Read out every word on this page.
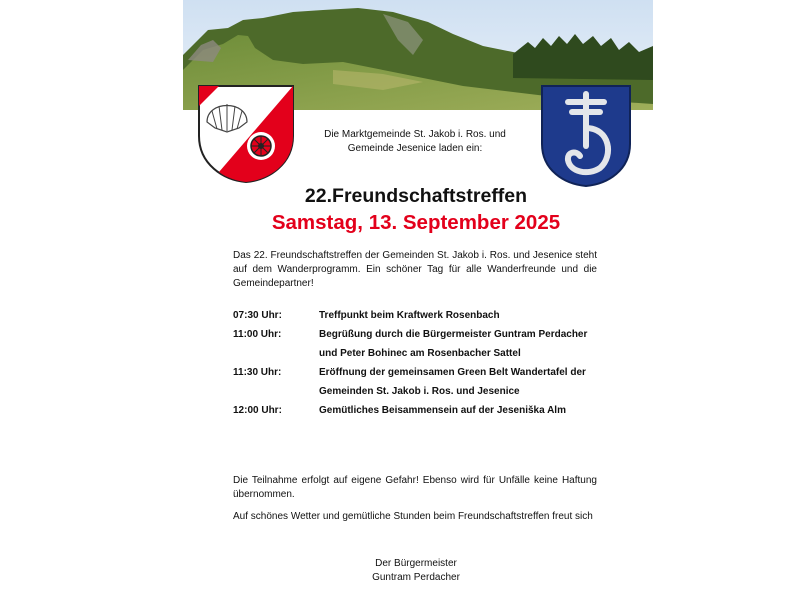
Die Marktgemeinde St. Jakob i. Ros. und
Gemeinde Jesenice laden ein:
22.Freundschaftstreffen
Samstag, 13. September 2025
Das 22. Freundschaftstreffen der Gemeinden St. Jakob i. Ros. und Jesenice steht auf dem Wanderprogramm. Ein schöner Tag für alle Wanderfreunde und die Gemeindepartner!
07:30 Uhr:	Treffpunkt beim Kraftwerk Rosenbach
11:00 Uhr:	Begrüßung durch die Bürgermeister Guntram Perdacher und Peter Bohinec am Rosenbacher Sattel
11:30 Uhr:	Eröffnung der gemeinsamen Green Belt Wandertafel der Gemeinden St. Jakob i. Ros. und Jesenice
12:00 Uhr:	Gemütliches Beisammensein auf der Jeseniška Alm
Die Teilnahme erfolgt auf eigene Gefahr! Ebenso wird für Unfälle keine Haftung übernommen.
Auf schönes Wetter und gemütliche Stunden beim Freundschaftstreffen freut sich
Der Bürgermeister
Guntram Perdacher
